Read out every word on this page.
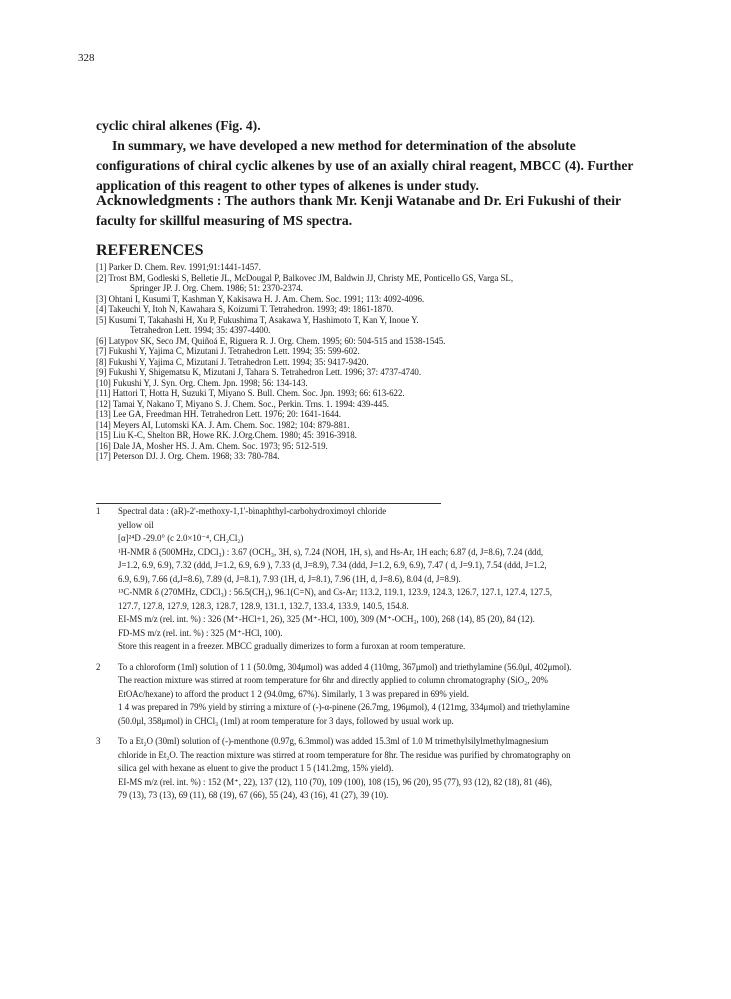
328

cyclic chiral alkenes (Fig. 4).

In summary, we have developed a new method for determination of the absolute

configurations of chiral cyclic alkenes by use of an axially chiral reagent, MBCC (4). Further

application of this reagent to other types of alkenes is under study.

Acknowledgments : The authors thank Mr. Kenji Watanabe and Dr. Eri Fukushi of their
faculty for skillful measuring of MS spectra.
REFERENCES

[1] Parker D. Chem. Rev. 1991;91:1441-1457.

[2] Trost BM, Godleski S, Belletie JL, McDougal P, Balkovec JM, Baldwin JJ, Christy ME, Ponticello GS, Varga SL,
Springer JP. J. Org. Chem. 1986; 51: 2370-2374.

[3] Ohtani I, Kusumi T, Kashman Y, Kakisawa H. J. Am. Chem. Soc. 1991; 113: 4092-4096.

[4] Takeuchi Y, Itoh N, Kawahara S, Koizumi T. Tetrahedron. 1993; 49: 1861-1870.

[5] Kusumi T, Takahashi H, Xu P, Fukushima T, Asakawa Y, Hashimoto T, Kan Y, Inoue Y.
Tetrahedron Lett. 1994; 35: 4397-4400.

[6] Latypov SK, Seco JM, Quiñoá E, Riguera R. J. Org. Chem. 1995; 60: 504-515 and 1538-1545.

[7] Fukushi Y, Yajima C, Mizutani J. Tetrahedron Lett. 1994; 35: 599-602.

[8] Fukushi Y, Yajima C, Mizutani J. Tetrahedron Lett. 1994; 35: 9417-9420.

[9] Fukushi Y, Shigematsu K, Mizutani J, Tahara S. Tetrahedron Lett. 1996; 37: 4737-4740.

[10] Fukushi Y, J. Syn. Org. Chem. Jpn. 1998; 56: 134-143.

[11] Hattori T, Hotta H, Suzuki T, Miyano S. Bull. Chem. Soc. Jpn. 1993; 66: 613-622.

[12] Tamai Y, Nakano T, Miyano S. J. Chem. Soc., Perkin. Trns. 1. 1994: 439-445.

[13] Lee GA, Freedman HH. Tetrahedron Lett. 1976; 20: 1641-1644.

[14] Meyers AI, Lutomski KA. J. Am. Chem. Soc. 1982; 104: 879-881.

[15] Liu K-C, Shelton BR, Howe RK. J.Org.Chem. 1980; 45: 3916-3918.

[16] Dale JA, Mosher HS. J. Am. Chem. Soc. 1973; 95: 512-519.

[17] Peterson DJ. J. Org. Chem. 1968; 33: 780-784.

1 Spectral data : (aR)-2'-methoxy-1,1'-binaphthyl-carbohydroximoyl chloride

yellow oil

[α]²⁴D -29.0° (c 2.0×10⁻⁴, CH₂Cl₂)

¹H-NMR δ (500MHz, CDCl₃) : 3.67 (OCH₃, 3H, s), 7.24 (NOH, 1H, s), and Hs-Ar, 1H each; 6.87 (d, J=8.6), 7.24 (ddd,

J=1.2, 6.9, 6.9), 7.32 (ddd, J=1.2, 6.9, 6.9 ), 7.33 (d, J=8.9), 7.34 (ddd, J=1.2, 6.9, 6.9), 7.47 ( d, J=9.1), 7.54 (ddd, J=1.2,

6.9, 6.9), 7.66 (d,J=8.6), 7.89 (d, J=8.1), 7.93 (1H, d, J=8.1), 7.96 (1H, d, J=8.6), 8.04 (d, J=8.9).

¹³C-NMR δ (270MHz, CDCl₃) : 56.5(CH₃), 96.1(C=N), and Cs-Ar; 113.2, 119.1, 123.9, 124.3, 126.7, 127.1, 127.4, 127.5,

127.7, 127.8, 127.9, 128.3, 128.7, 128.9, 131.1, 132.7, 133.4, 133.9, 140.5, 154.8.

EI-MS m/z (rel. int. %) : 326 (M⁺-HCl+1, 26), 325 (M⁺-HCl, 100), 309 (M⁺-OCH₃, 100), 268 (14), 85 (20), 84 (12).

FD-MS m/z (rel. int. %) : 325 (M⁺-HCl, 100).

Store this reagent in a freezer. MBCC gradually dimerizes to form a furoxan at room temperature.

2 To a chloroform (1ml) solution of 1 1 (50.0mg, 304μmol) was added 4 (110mg, 367μmol) and triethylamine (56.0μl, 402μmol).

The reaction mixture was stirred at room temperature for 6hr and directly applied to column chromatography (SiO₂, 20%

EtOAc/hexane) to afford the product 1 2 (94.0mg, 67%). Similarly, 1 3 was prepared in 69% yield.

1 4 was prepared in 79% yield by stirring a mixture of (-)-α-pinene (26.7mg, 196μmol), 4 (121mg, 334μmol) and triethylamine

(50.0μl, 358μmol) in CHCl₃ (1ml) at room temperature for 3 days, followed by usual work up.

3 To a Et₂O (30ml) solution of (-)-menthone (0.97g, 6.3mmol) was added 15.3ml of 1.0 M trimethylsilylmethylmagnesium

chloride in Et₂O. The reaction mixture was stirred at room temperature for 8hr. The residue was purified by chromatography on

silica gel with hexane as eluent to give the product 1 5 (141.2mg, 15% yield).

EI-MS m/z (rel. int. %) : 152 (M⁺, 22), 137 (12), 110 (70), 109 (100), 108 (15), 96 (20), 95 (77), 93 (12), 82 (18), 81 (46),

79 (13), 73 (13), 69 (11), 68 (19), 67 (66), 55 (24), 43 (16), 41 (27), 39 (10).
